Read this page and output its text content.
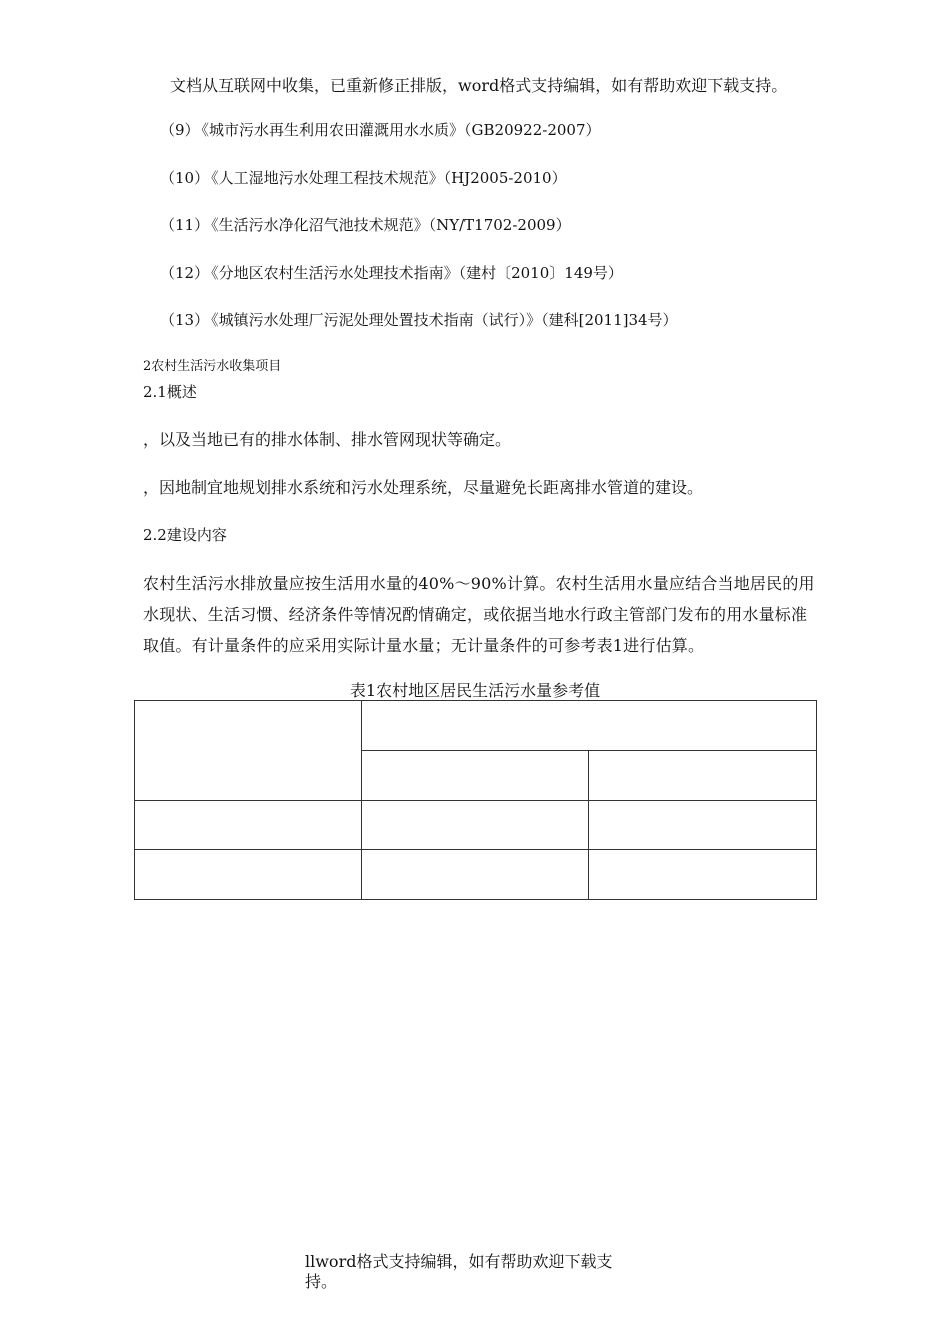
文档从互联网中收集，已重新修正排版，word格式支持编辑，如有帮助欢迎下载支持。
（9） 《城市污水再生利用农田灌溉用水水质》（GB20922-2007）
（10） 《人工湿地污水处理工程技术规范》（HJ2005-2010）
（11） 《生活污水净化沼气池技术规范》（NY/T1702-2009）
（12） 《分地区农村生活污水处理技术指南》（建村〔2010〕149号）
（13） 《城镇污水处理厂污泥处理处置技术指南（试行）》（建科[2011]34号）
2农村生活污水收集项目
2.1概述
，以及当地已有的排水体制、排水管网现状等确定。
，因地制宜地规划排水系统和污水处理系统，尽量避免长距离排水管道的建设。
2.2建设内容
农村生活污水排放量应按生活用水量的40%～90%计算。农村生活用水量应结合当地居民的用水现状、生活习惯、经济条件等情况酌情确定，或依据当地水行政主管部门发布的用水量标准取值。有计量条件的应采用实际计量水量；无计量条件的可参考表1进行估算。
表1农村地区居民生活污水量参考值

llword格式支持编辑，如有帮助欢迎下载支持。
